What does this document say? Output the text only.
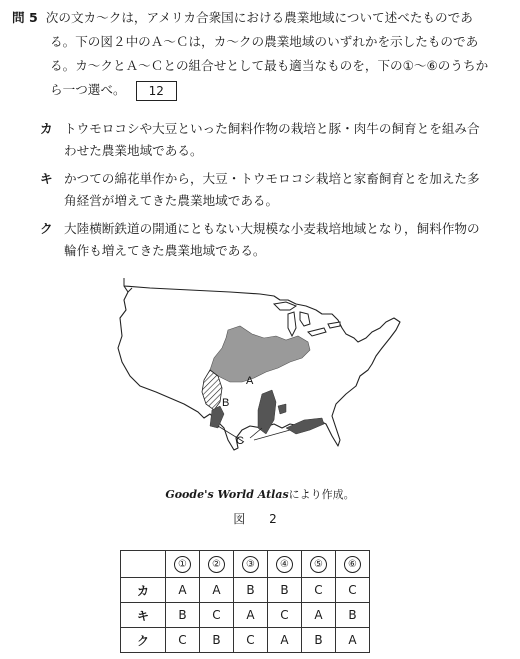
問 5 次の文カ～クは，アメリカ合衆国における農業地域について述べたものであ
る。下の図２中のＡ～Ｃは，カ～クの農業地域のいずれかを示したものであ
る。カ～クとＡ～Ｃとの組合せとして最も適当なものを，下の①～⑥のうちか
ら一つ選べ。 12
カ トウモロコシや大豆といった飼料作物の栽培と豚・肉牛の飼育とを組み合
わせた農業地域である。
キ かつての綿花単作から，大豆・トウモロコシ栽培と家畜飼育とを加えた多
角経営が増えてきた農業地域である。
ク 大陸横断鉄道の開通にともない大規模な小麦栽培地域となり，飼料作物の
輪作も増えてきた農業地域である。
A
B
C
Goode's World Atlasにより作成。
図 2
	①	②	③	④	⑤	⑥
カ	A	A	B	B	C	C
キ	B	C	A	C	A	B
ク	C	B	C	A	B	A
